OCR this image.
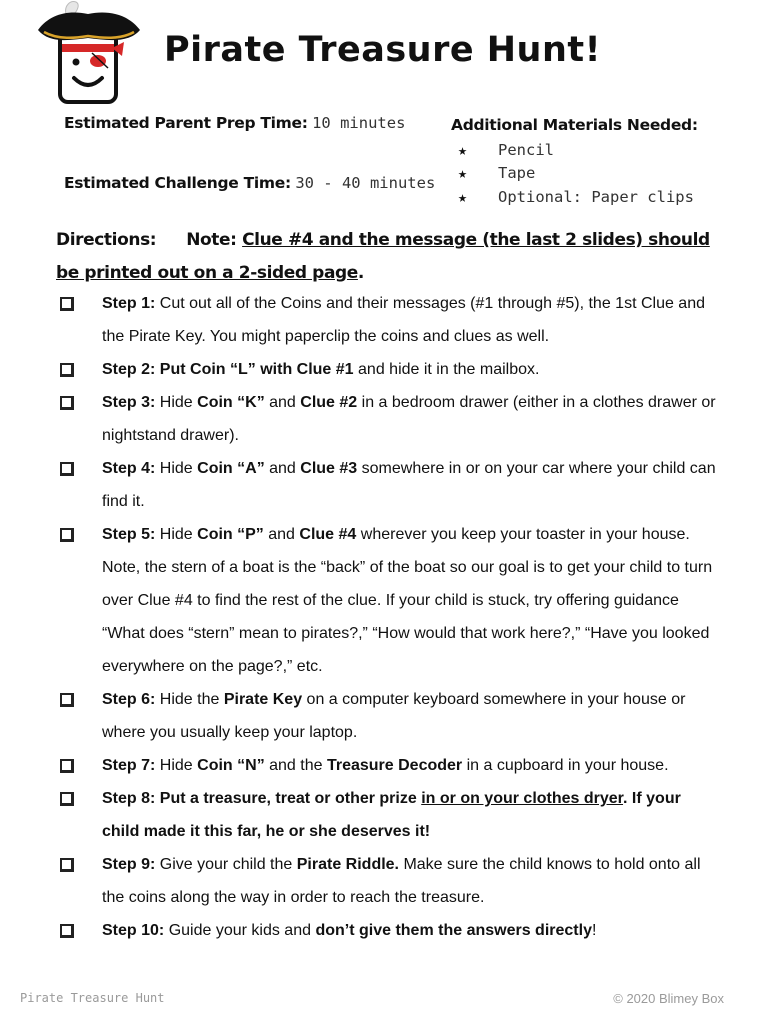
Pirate Treasure Hunt!
Estimated Parent Prep Time: 10 minutes
Estimated Challenge Time: 30 - 40 minutes
Additional Materials Needed:
★	Pencil
★	Tape
★	Optional: Paper clips
Directions: Note: Clue #4 and the message (the last 2 slides) should be printed out on a 2-sided page.
Step 1: Cut out all of the Coins and their messages (#1 through #5), the 1st Clue and the Pirate Key. You might paperclip the coins and clues as well.
Step 2: Put Coin “L” with Clue #1 and hide it in the mailbox.
Step 3: Hide Coin “K” and Clue #2 in a bedroom drawer (either in a clothes drawer or nightstand drawer).
Step 4: Hide Coin “A” and Clue #3 somewhere in or on your car where your child can find it.
Step 5: Hide Coin “P” and Clue #4 wherever you keep your toaster in your house. Note, the stern of a boat is the “back” of the boat so our goal is to get your child to turn over Clue #4 to find the rest of the clue. If your child is stuck, try offering guidance “What does “stern” mean to pirates?,” “How would that work here?,” “Have you looked everywhere on the page?,” etc.
Step 6: Hide the Pirate Key on a computer keyboard somewhere in your house or where you usually keep your laptop.
Step 7: Hide Coin “N” and the Treasure Decoder in a cupboard in your house.
Step 8: Put a treasure, treat or other prize in or on your clothes dryer. If your child made it this far, he or she deserves it!
Step 9: Give your child the Pirate Riddle. Make sure the child knows to hold onto all the coins along the way in order to reach the treasure.
Step 10: Guide your kids and don’t give them the answers directly!
Pirate Treasure Hunt	© 2020 Blimey Box
